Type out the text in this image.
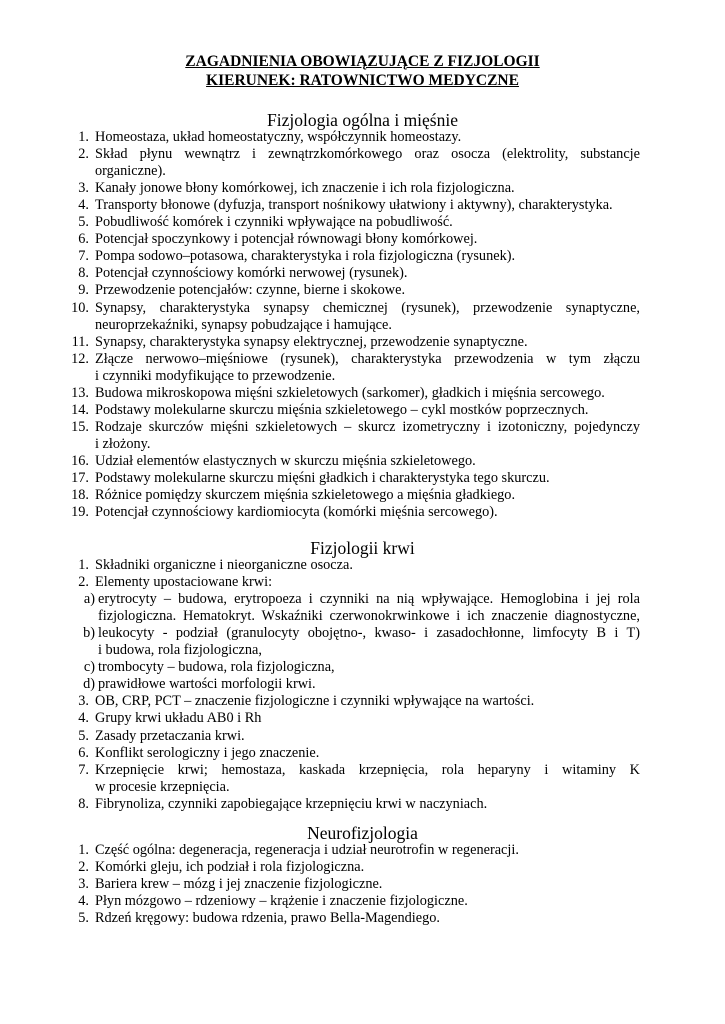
ZAGADNIENIA OBOWIĄZUJĄCE Z FIZJOLOGII
KIERUNEK: RATOWNICTWO MEDYCZNE
Fizjologia ogólna i mięśnie
1. Homeostaza, układ homeostatyczny, współczynnik homeostazy.
2. Skład płynu wewnątrz i zewnątrzkomórkowego oraz osocza (elektrolity, substancje
organiczne).
3. Kanały jonowe błony komórkowej, ich znaczenie i ich rola fizjologiczna.
4. Transporty błonowe (dyfuzja, transport nośnikowy ułatwiony i aktywny), charakterystyka.
5. Pobudliwość komórek i czynniki wpływające na pobudliwość.
6. Potencjał spoczynkowy i potencjał równowagi błony komórkowej.
7. Pompa sodowo–potasowa, charakterystyka i rola fizjologiczna (rysunek).
8. Potencjał czynnościowy komórki nerwowej (rysunek).
9. Przewodzenie potencjałów: czynne, bierne i skokowe.
10. Synapsy, charakterystyka synapsy chemicznej (rysunek), przewodzenie synaptyczne,
neuroprzekaźniki, synapsy pobudzające i hamujące.
11. Synapsy, charakterystyka synapsy elektrycznej, przewodzenie synaptyczne.
12. Złącze nerwowo–mięśniowe (rysunek), charakterystyka przewodzenia w tym złączu
i czynniki modyfikujące to przewodzenie.
13. Budowa mikroskopowa mięśni szkieletowych (sarkomer), gładkich i mięśnia sercowego.
14. Podstawy molekularne skurczu mięśnia szkieletowego – cykl mostków poprzecznych.
15. Rodzaje skurczów mięśni szkieletowych – skurcz izometryczny i izotoniczny, pojedynczy
i złożony.
16. Udział elementów elastycznych w skurczu mięśnia szkieletowego.
17. Podstawy molekularne skurczu mięśni gładkich i charakterystyka tego skurczu.
18. Różnice pomiędzy skurczem mięśnia szkieletowego a mięśnia gładkiego.
19. Potencjał czynnościowy kardiomiocyta (komórki mięśnia sercowego).
Fizjologii krwi
1. Składniki organiczne i nieorganiczne osocza.
2. Elementy upostaciowane krwi:
a) erytrocyty – budowa, erytropoeza i czynniki na nią wpływające. Hemoglobina i jej rola
fizjologiczna. Hematokryt. Wskaźniki czerwonokrwinkowe i ich znaczenie diagnostyczne,
b) leukocyty - podział (granulocyty obojętno-, kwaso- i zasadochłonne, limfocyty B i T)
i budowa, rola fizjologiczna,
c) trombocyty – budowa, rola fizjologiczna,
d) prawidłowe wartości morfologii krwi.
3. OB, CRP, PCT – znaczenie fizjologiczne i czynniki wpływające na wartości.
4. Grupy krwi układu AB0 i Rh
5. Zasady przetaczania krwi.
6. Konflikt serologiczny i jego znaczenie.
7. Krzepnięcie krwi; hemostaza, kaskada krzepnięcia, rola heparyny i witaminy K
w procesie krzepnięcia.
8. Fibrynoliza, czynniki zapobiegające krzepnięciu krwi w naczyniach.
Neurofizjologia
1. Część ogólna: degeneracja, regeneracja i udział neurotrofin w regeneracji.
2. Komórki gleju, ich podział i rola fizjologiczna.
3. Bariera krew – mózg i jej znaczenie fizjologiczne.
4. Płyn mózgowo – rdzeniowy – krążenie i znaczenie fizjologiczne.
5. Rdzeń kręgowy: budowa rdzenia, prawo Bella-Magendiego.
